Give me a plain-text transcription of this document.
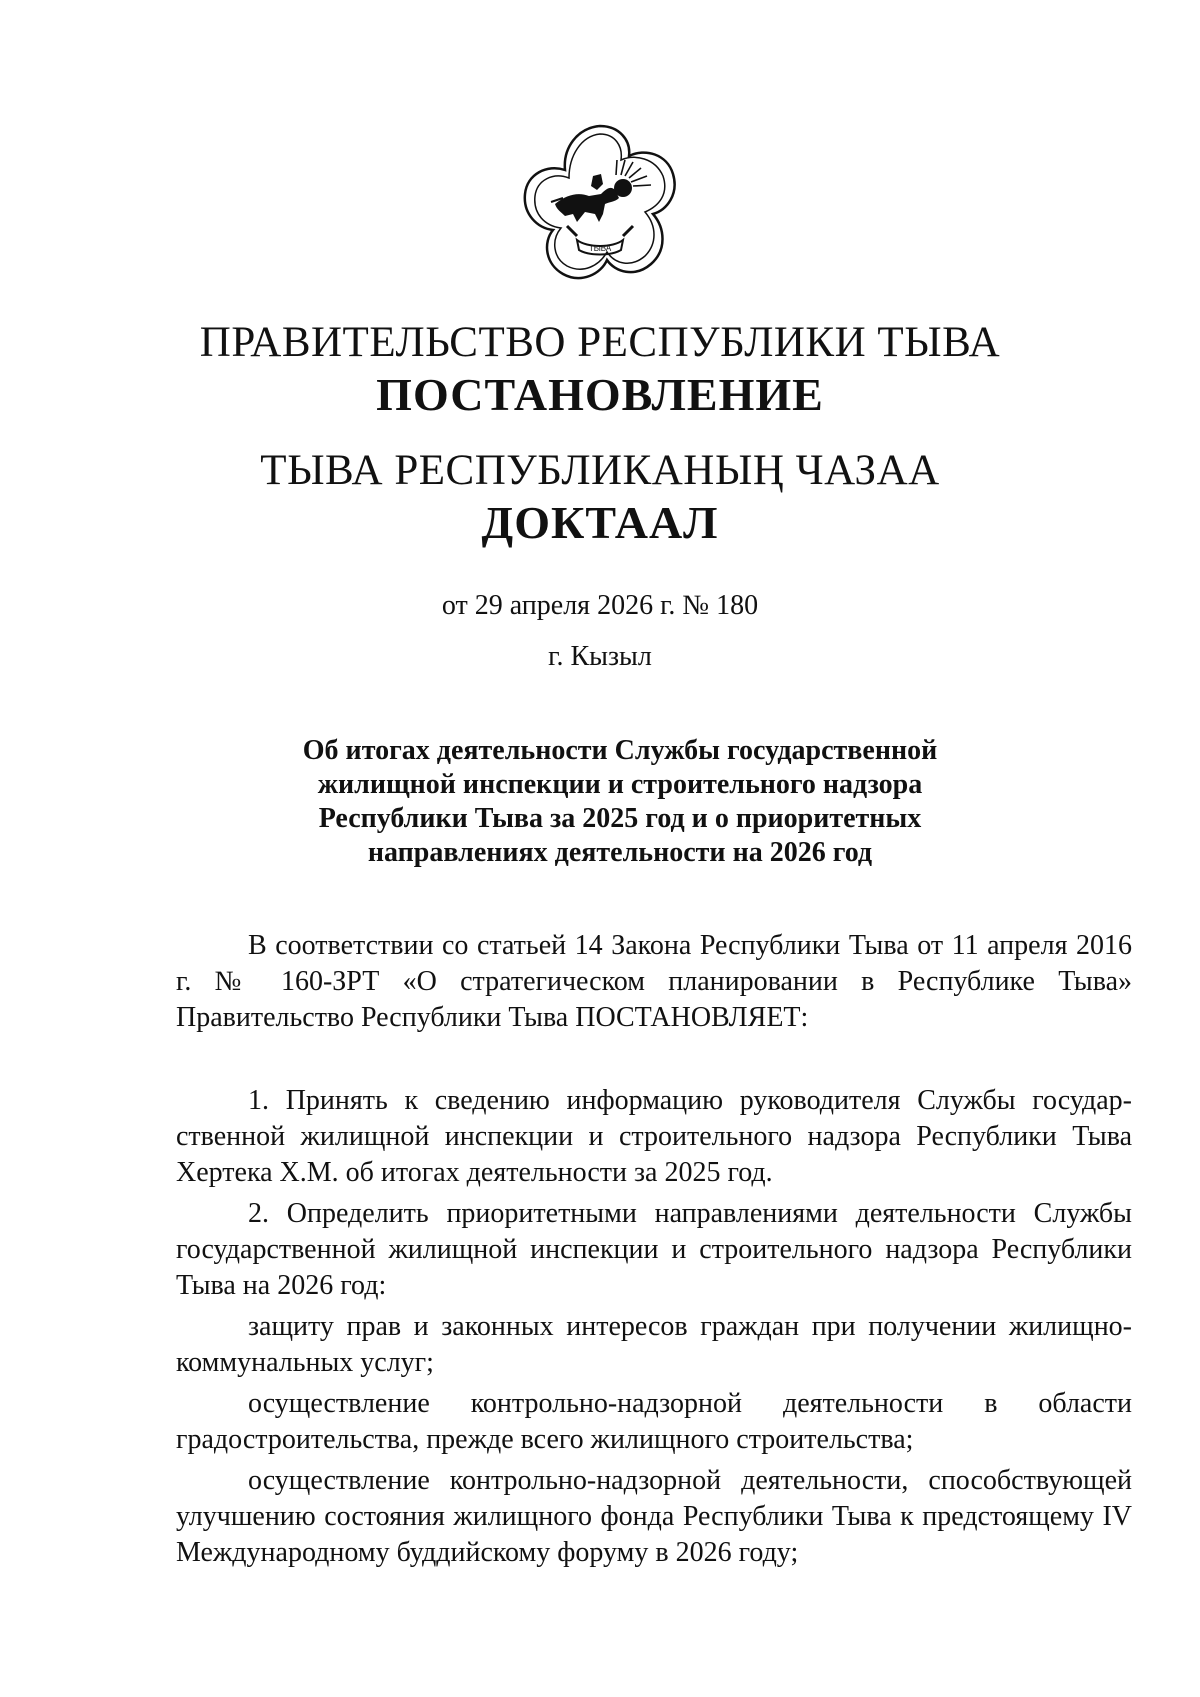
ТЫВА
ПРАВИТЕЛЬСТВО РЕСПУБЛИКИ ТЫВА
ПОСТАНОВЛЕНИЕ
ТЫВА РЕСПУБЛИКАНЫҢ ЧАЗАА
ДОКТААЛ
от 29 апреля 2026 г. № 180
г. Кызыл
Об итогах деятельности Службы государственной
жилищной инспекции и строительного надзора
Республики Тыва за 2025 год и о приоритетных
направлениях деятельности на 2026 год

В соответствии со статьей 14 Закона Республики Тыва от 11 апреля 2016 г. № 160-ЗРТ «О стратегическом планировании в Республике Тыва» Правительство Республики Тыва ПОСТАНОВЛЯЕТ:

1. Принять к сведению информацию руководителя Службы государственной жилищной инспекции и строительного надзора Республики Тыва Хертека Х.М. об итогах деятельности за 2025 год.

2. Определить приоритетными направлениями деятельности Службы государственной жилищной инспекции и строительного надзора Республики Тыва на 2026 год:

защиту прав и законных интересов граждан при получении жилищно-коммунальных услуг;

осуществление контрольно-надзорной деятельности в области градостроительства, прежде всего жилищного строительства;

осуществление контрольно-надзорной деятельности, способствующей улучшению состояния жилищного фонда Республики Тыва к предстоящему IV Международному буддийскому форуму в 2026 году;
